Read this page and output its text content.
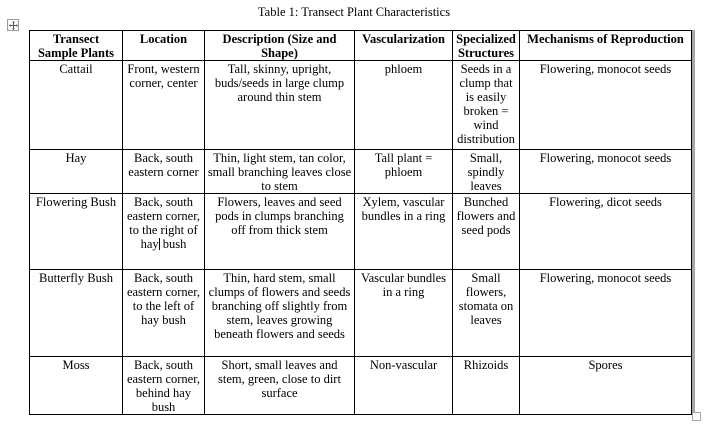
Table 1: Transect Plant Characteristics
Transect Sample Plants	Location	Description (Size and Shape)	Vascularization	Specialized Structures	Mechanisms of Reproduction
Cattail	Front, western corner, center	Tall, skinny, upright, buds/seeds in large clump around thin stem	phloem	Seeds in a clump that is easily broken = wind distribution	Flowering, monocot seeds
Hay	Back, south eastern corner	Thin, light stem, tan color, small branching leaves close to stem	Tall plant = phloem	Small, spindly leaves	Flowering, monocot seeds
Flowering Bush	Back, south eastern corner, to the right of hay bush	Flowers, leaves and seed pods in clumps branching off from thick stem	Xylem, vascular bundles in a ring	Bunched flowers and seed pods	Flowering, dicot seeds
Butterfly Bush	Back, south eastern corner, to the left of hay bush	Thin, hard stem, small clumps of flowers and seeds branching off slightly from stem, leaves growing beneath flowers and seeds	Vascular bundles in a ring	Small flowers, stomata on leaves	Flowering, monocot seeds
Moss	Back, south eastern corner, behind hay bush	Short, small leaves and stem, green, close to dirt surface	Non-vascular	Rhizoids	Spores
